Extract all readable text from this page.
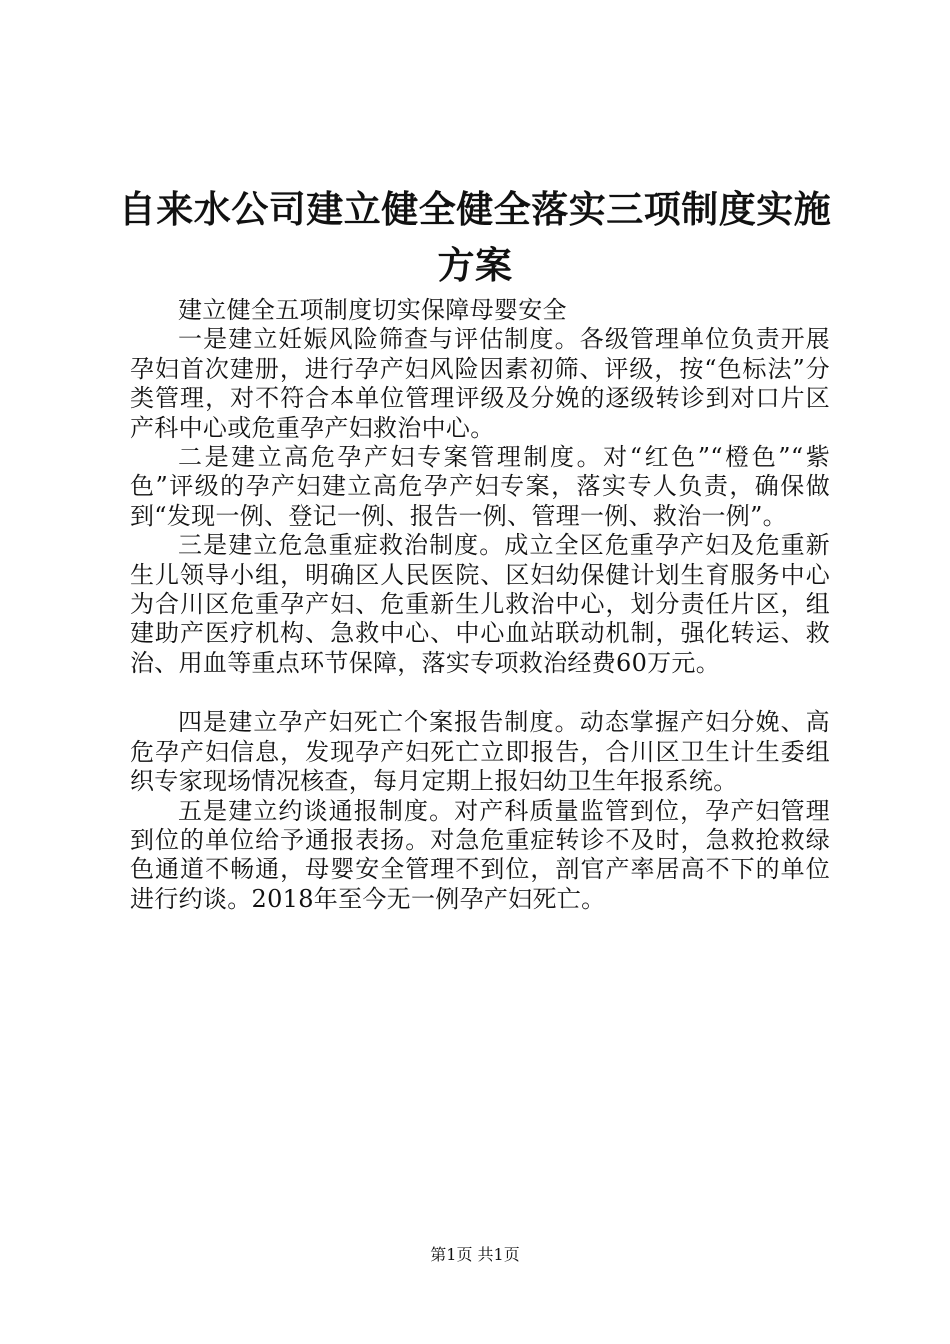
自来水公司建立健全健全落实三项制度实施方案

建立健全五项制度切实保障母婴安全

一是建立妊娠风险筛查与评估制度。各级管理单位负责开展孕妇首次建册，进行孕产妇风险因素初筛、评级，按“色标法”分类管理，对不符合本单位管理评级及分娩的逐级转诊到对口片区产科中心或危重孕产妇救治中心。

二是建立高危孕产妇专案管理制度。对“红色”“橙色”“紫色”评级的孕产妇建立高危孕产妇专案，落实专人负责，确保做到“发现一例、登记一例、报告一例、管理一例、救治一例”。

三是建立危急重症救治制度。成立全区危重孕产妇及危重新生儿领导小组，明确区人民医院、区妇幼保健计划生育服务中心为合川区危重孕产妇、危重新生儿救治中心，划分责任片区，组建助产医疗机构、急救中心、中心血站联动机制，强化转运、救治、用血等重点环节保障，落实专项救治经费60万元。

四是建立孕产妇死亡个案报告制度。动态掌握产妇分娩、高危孕产妇信息，发现孕产妇死亡立即报告，合川区卫生计生委组织专家现场情况核查，每月定期上报妇幼卫生年报系统。

五是建立约谈通报制度。对产科质量监管到位，孕产妇管理到位的单位给予通报表扬。对急危重症转诊不及时，急救抢救绿色通道不畅通，母婴安全管理不到位，剖官产率居高不下的单位进行约谈。2018年至今无一例孕产妇死亡。

第1页 共1页
